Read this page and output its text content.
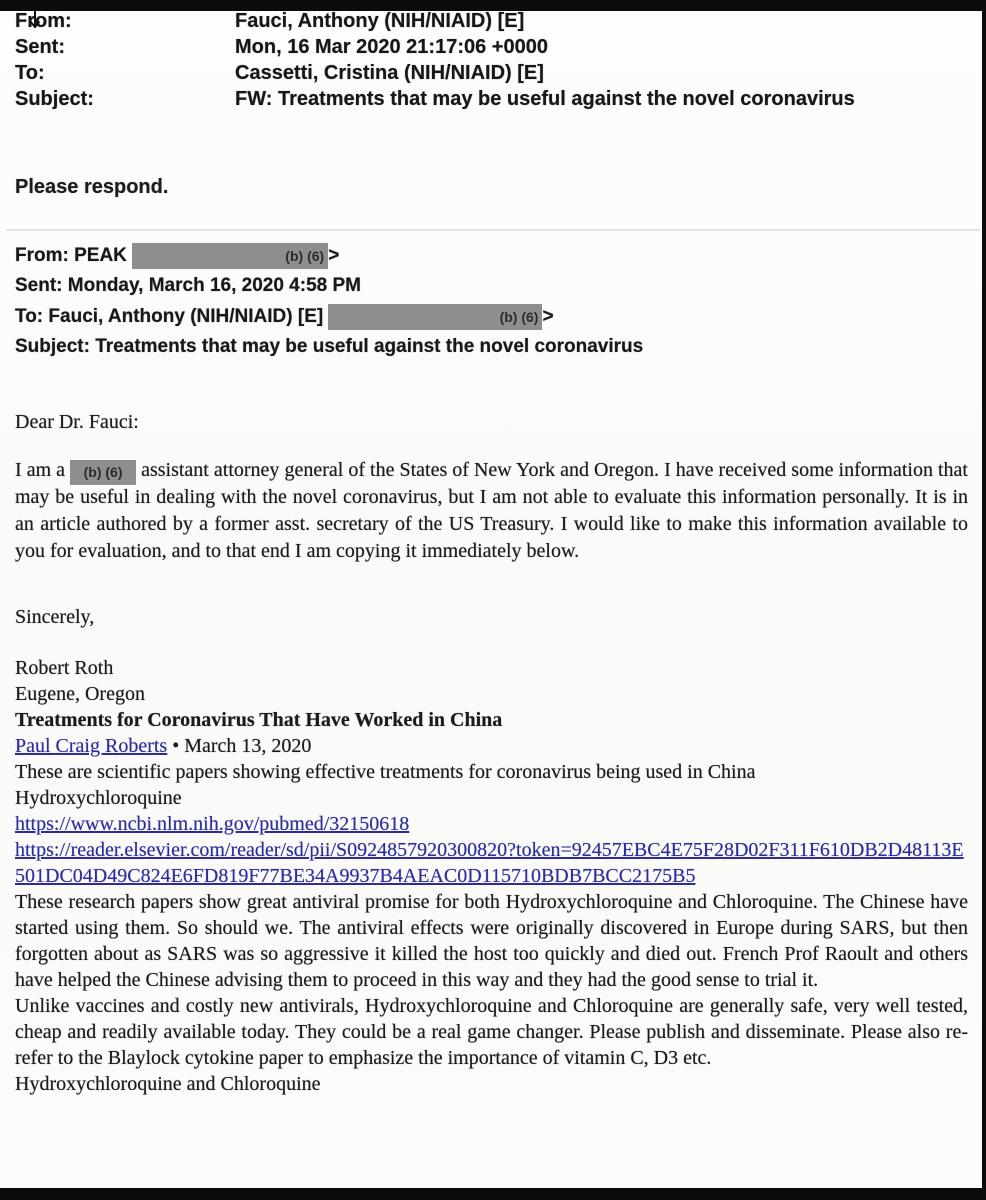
From:	Fauci, Anthony (NIH/NIAID) [E]
Sent:	Mon, 16 Mar 2020 21:17:06 +0000
To:	Cassetti, Cristina (NIH/NIAID) [E]
Subject:	FW: Treatments that may be useful against the novel coronavirus
Please respond.
From: PEAK	(b) (6) >
Sent: Monday, March 16, 2020 4:58 PM
To: Fauci, Anthony (NIH/NIAID) [E]	(b) (6) >
Subject: Treatments that may be useful against the novel coronavirus
Dear Dr. Fauci:

I am a	(b) (6) assistant attorney general of the States of New York and Oregon. I have received some information that may be useful in dealing with the novel coronavirus, but I am not able to evaluate this information personally. It is in an article authored by a former asst. secretary of the US Treasury. I would like to make this information available to you for evaluation, and to that end I am copying it immediately below.

Sincerely,
Robert Roth
Eugene, Oregon
Treatments for Coronavirus That Have Worked in China
Paul Craig Roberts • March 13, 2020
These are scientific papers showing effective treatments for coronavirus being used in China
Hydroxychloroquine
https://www.ncbi.nlm.nih.gov/pubmed/32150618
https://reader.elsevier.com/reader/sd/pii/S0924857920300820?token=92457EBC4E75F28D02F311F610DB2D48113E501DC04D49C824E6FD819F77BE34A9937B4AEAC0D115710BDB7BCC2175B5

These research papers show great antiviral promise for both Hydroxychloroquine and Chloroquine. The Chinese have started using them. So should we. The antiviral effects were originally discovered in Europe during SARS, but then forgotten about as SARS was so aggressive it killed the host too quickly and died out. French Prof Raoult and others have helped the Chinese advising them to proceed in this way and they had the good sense to trial it.

Unlike vaccines and costly new antivirals, Hydroxychloroquine and Chloroquine are generally safe, very well tested, cheap and readily available today. They could be a real game changer. Please publish and disseminate. Please also re-refer to the Blaylock cytokine paper to emphasize the importance of vitamin C, D3 etc.

Hydroxychloroquine and Chloroquine
